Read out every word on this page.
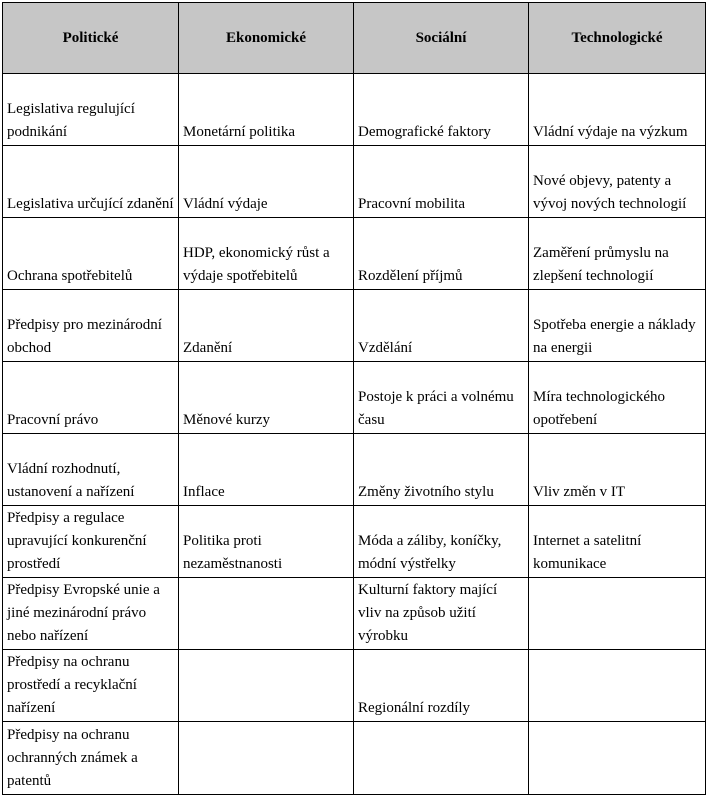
Politické	Ekonomické	Sociální	Technologické
Legislativa regulující podnikání	Monetární politika	Demografické faktory	Vládní výdaje na výzkum
Legislativa určující zdanění	Vládní výdaje	Pracovní mobilita	Nové objevy, patenty a vývoj nových technologií
Ochrana spotřebitelů	HDP, ekonomický růst a výdaje spotřebitelů	Rozdělení příjmů	Zaměření průmyslu na zlepšení technologií
Předpisy pro mezinárodní obchod	Zdanění	Vzdělání	Spotřeba energie a náklady na energii
Pracovní právo	Měnové kurzy	Postoje k práci a volnému času	Míra technologického opotřebení
Vládní rozhodnutí, ustanovení a nařízení	Inflace	Změny životního stylu	Vliv změn v IT
Předpisy a regulace upravující konkurenční prostředí	Politika proti nezaměstnanosti	Móda a záliby, koníčky, módní výstřelky	Internet a satelitní komunikace
Předpisy Evropské unie a jiné mezinárodní právo nebo nařízení		Kulturní faktory mající vliv na způsob užití výrobku	
Předpisy na ochranu prostředí a recyklační nařízení		Regionální rozdíly	
Předpisy na ochranu ochranných známek a patentů			
